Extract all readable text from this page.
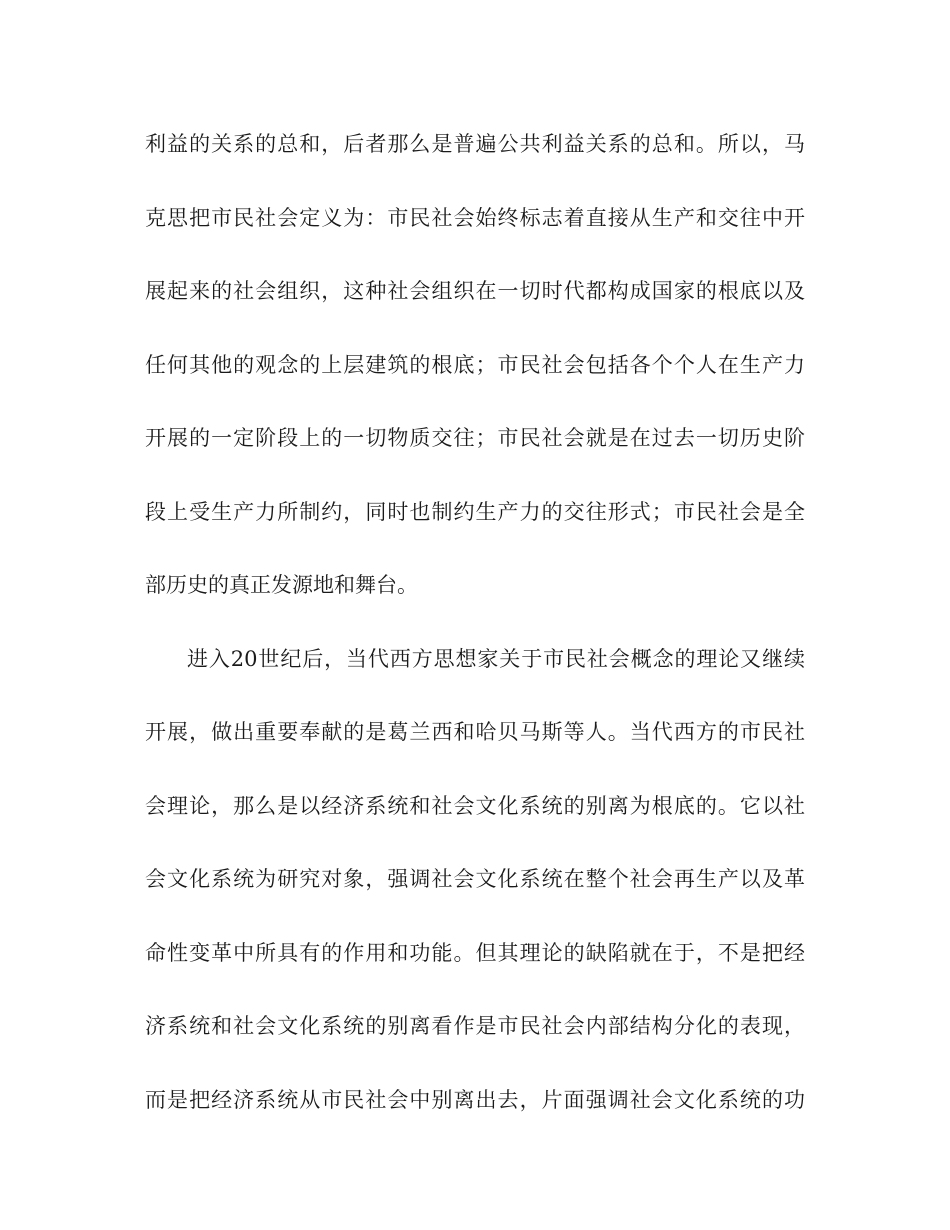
利益的关系的总和，后者那么是普遍公共利益关系的总和。所以，马
克思把市民社会定义为：市民社会始终标志着直接从生产和交往中开
展起来的社会组织，这种社会组织在一切时代都构成国家的根底以及
任何其他的观念的上层建筑的根底；市民社会包括各个个人在生产力
开展的一定阶段上的一切物质交往；市民社会就是在过去一切历史阶
段上受生产力所制约，同时也制约生产力的交往形式；市民社会是全
部历史的真正发源地和舞台。
进入20世纪后，当代西方思想家关于市民社会概念的理论又继续
开展，做出重要奉献的是葛兰西和哈贝马斯等人。当代西方的市民社
会理论，那么是以经济系统和社会文化系统的别离为根底的。它以社
会文化系统为研究对象，强调社会文化系统在整个社会再生产以及革
命性变革中所具有的作用和功能。但其理论的缺陷就在于，不是把经
济系统和社会文化系统的别离看作是市民社会内部结构分化的表现，
而是把经济系统从市民社会中别离出去，片面强调社会文化系统的功
